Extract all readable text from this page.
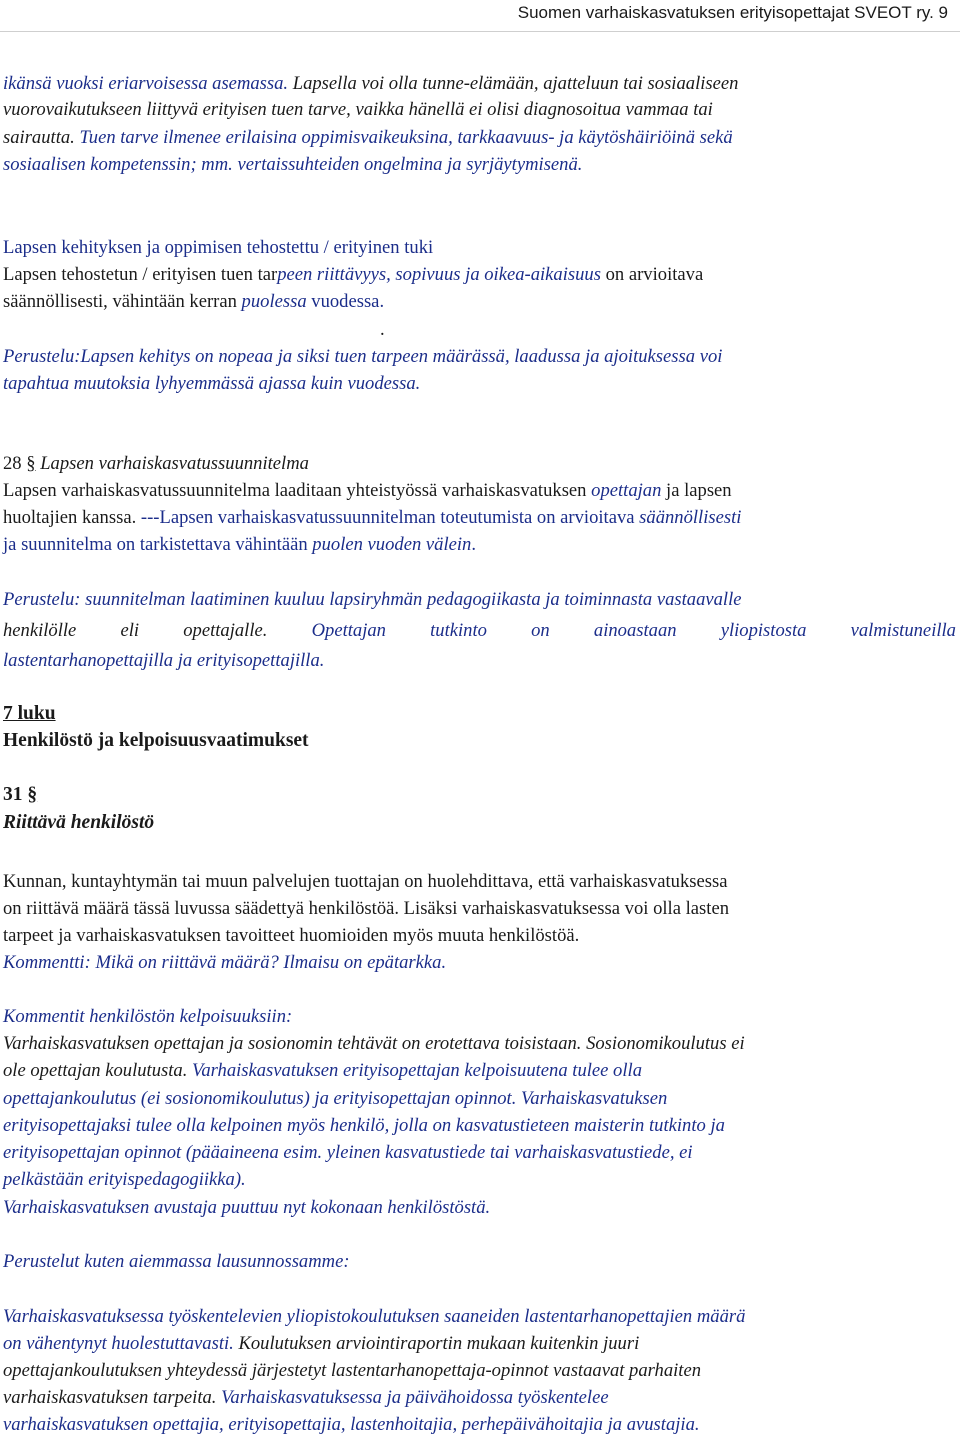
Suomen varhaiskasvatuksen erityisopettajat SVEOT ry. 9
ikänsä vuoksi eriarvoisessa asemassa. Lapsella voi olla tunne-elämään, ajatteluun tai sosiaaliseen
vuorovaikutukseen liittyvä erityisen tuen tarve, vaikka hänellä ei olisi diagnosoitua vammaa tai
sairautta. Tuen tarve ilmenee erilaisina oppimisvaikeuksina, tarkkaavuus- ja käytöshäiriöinä sekä
sosiaalisen kompetenssin; mm. vertaissuhteiden ongelmina ja syrjäytymisenä.
Lapsen kehityksen ja oppimisen tehostettu / erityinen tuki
Lapsen tehostetun / erityisen tuen tarpeen riittävyys, sopivuus ja oikea-aikaisuus on arvioitava
säännöllisesti, vähintään kerran puolessa vuodessa.
.
Perustelu:Lapsen kehitys on nopeaa ja siksi tuen tarpeen määrässä, laadussa ja ajoituksessa voi
tapahtua muutoksia lyhyemmässä ajassa kuin vuodessa.
28 § Lapsen varhaiskasvatussuunnitelma
Lapsen varhaiskasvatussuunnitelma laaditaan yhteistyössä varhaiskasvatuksen opettajan ja lapsen
huoltajien kanssa. ---Lapsen varhaiskasvatussuunnitelman toteutumista on arvioitava säännöllisesti
ja suunnitelma on tarkistettava vähintään puolen vuoden välein.
Perustelu: suunnitelman laatiminen kuuluu lapsiryhmän pedagogiikasta ja toiminnasta vastaavalle
henkilölle eli opettajalle. Opettajan tutkinto on ainoastaan yliopistosta valmistuneilla
lastentarhanopettajilla ja erityisopettajilla.
7 luku
Henkilöstö ja kelpoisuusvaatimukset
31 §
Riittävä henkilöstö
Kunnan, kuntayhtymän tai muun palvelujen tuottajan on huolehdittava, että varhaiskasvatuksessa
on riittävä määrä tässä luvussa säädettyä henkilöstöä. Lisäksi varhaiskasvatuksessa voi olla lasten
tarpeet ja varhaiskasvatuksen tavoitteet huomioiden myös muuta henkilöstöä.
Kommentti: Mikä on riittävä määrä? Ilmaisu on epätarkka.
Kommentit henkilöstön kelpoisuuksiin:
Varhaiskasvatuksen opettajan ja sosionomin tehtävät on erotettava toisistaan. Sosionomikoulutus ei
ole opettajan koulutusta. Varhaiskasvatuksen erityisopettajan kelpoisuutena tulee olla
opettajankoulutus (ei sosionomikoulutus) ja erityisopettajan opinnot. Varhaiskasvatuksen
erityisopettajaksi tulee olla kelpoinen myös henkilö, jolla on kasvatustieteen maisterin tutkinto ja
erityisopettajan opinnot (pääaineena esim. yleinen kasvatustiede tai varhaiskasvatustiede, ei
pelkästään erityispedagogiikka).
Varhaiskasvatuksen avustaja puuttuu nyt kokonaan henkilöstöstä.
Perustelut kuten aiemmassa lausunnossamme:
Varhaiskasvatuksessa työskentelevien yliopistokoulutuksen saaneiden lastentarhanopettajien määrä
on vähentynyt huolestuttavasti. Koulutuksen arviointiraportin mukaan kuitenkin juuri
opettajankoulutuksen yhteydessä järjestetyt lastentarhanopettaja-opinnot vastaavat parhaiten
varhaiskasvatuksen tarpeita. Varhaiskasvatuksessa ja päivähoidossa työskentelee
varhaiskasvatuksen opettajia, erityisopettajia, lastenhoitajia, perhepäivähoitajia ja avustajia.
